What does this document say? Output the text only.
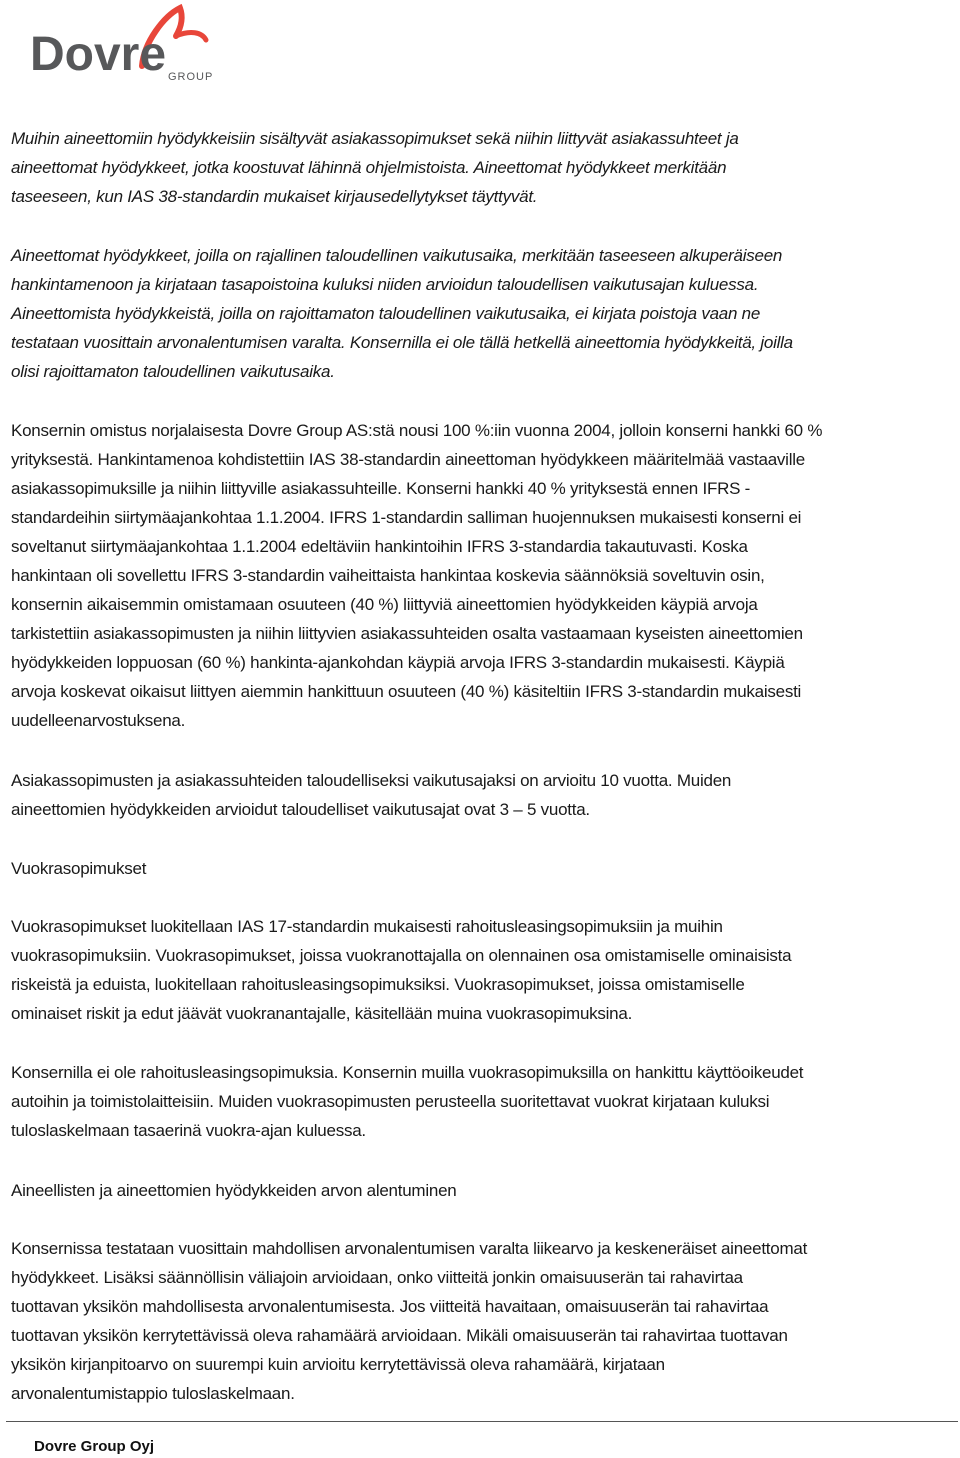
Dovre GROUP

Muihin aineettomiin hyödykkeisiin sisältyvät asiakassopimukset sekä niihin liittyvät asiakassuhteet ja
aineettomat hyödykkeet, jotka koostuvat lähinnä ohjelmistoista. Aineettomat hyödykkeet merkitään
taseeseen, kun IAS 38-standardin mukaiset kirjausedellytykset täyttyvät.

Aineettomat hyödykkeet, joilla on rajallinen taloudellinen vaikutusaika, merkitään taseeseen alkuperäiseen
hankintamenoon ja kirjataan tasapoistoina kuluksi niiden arvioidun taloudellisen vaikutusajan kuluessa.
Aineettomista hyödykkeistä, joilla on rajoittamaton taloudellinen vaikutusaika, ei kirjata poistoja vaan ne
testataan vuosittain arvonalentumisen varalta. Konsernilla ei ole tällä hetkellä aineettomia hyödykkeitä, joilla
olisi rajoittamaton taloudellinen vaikutusaika.

Konsernin omistus norjalaisesta Dovre Group AS:stä nousi 100 %:iin vuonna 2004, jolloin konserni hankki 60 %
yrityksestä. Hankintamenoa kohdistettiin IAS 38-standardin aineettoman hyödykkeen määritelmää vastaaville
asiakassopimuksille ja niihin liittyville asiakassuhteille. Konserni hankki 40 % yrityksestä ennen IFRS -
standardeihin siirtymäajankohtaa 1.1.2004. IFRS 1-standardin salliman huojennuksen mukaisesti konserni ei
soveltanut siirtymäajankohtaa 1.1.2004 edeltäviin hankintoihin IFRS 3-standardia takautuvasti. Koska
hankintaan oli sovellettu IFRS 3-standardin vaiheittaista hankintaa koskevia säännöksiä soveltuvin osin,
konsernin aikaisemmin omistamaan osuuteen (40 %) liittyviä aineettomien hyödykkeiden käypiä arvoja
tarkistettiin asiakassopimusten ja niihin liittyvien asiakassuhteiden osalta vastaamaan kyseisten aineettomien
hyödykkeiden loppuosan (60 %) hankinta-ajankohdan käypiä arvoja IFRS 3-standardin mukaisesti. Käypiä
arvoja koskevat oikaisut liittyen aiemmin hankittuun osuuteen (40 %) käsiteltiin IFRS 3-standardin mukaisesti
uudelleenarvostuksena.

Asiakassopimusten ja asiakassuhteiden taloudelliseksi vaikutusajaksi on arvioitu 10 vuotta. Muiden
aineettomien hyödykkeiden arvioidut taloudelliset vaikutusajat ovat 3 – 5 vuotta.

Vuokrasopimukset

Vuokrasopimukset luokitellaan IAS 17-standardin mukaisesti rahoitusleasingsopimuksiin ja muihin
vuokrasopimuksiin. Vuokrasopimukset, joissa vuokranottajalla on olennainen osa omistamiselle ominaisista
riskeistä ja eduista, luokitellaan rahoitusleasingsopimuksiksi. Vuokrasopimukset, joissa omistamiselle
ominaiset riskit ja edut jäävät vuokranantajalle, käsitellään muina vuokrasopimuksina.

Konsernilla ei ole rahoitusleasingsopimuksia. Konsernin muilla vuokrasopimuksilla on hankittu käyttöoikeudet
autoihin ja toimistolaitteisiin. Muiden vuokrasopimusten perusteella suoritettavat vuokrat kirjataan kuluksi
tuloslaskelmaan tasaerinä vuokra-ajan kuluessa.

Aineellisten ja aineettomien hyödykkeiden arvon alentuminen

Konsernissa testataan vuosittain mahdollisen arvonalentumisen varalta liikearvo ja keskeneräiset aineettomat
hyödykkeet. Lisäksi säännöllisin väliajoin arvioidaan, onko viitteitä jonkin omaisuuserän tai rahavirtaa
tuottavan yksikön mahdollisesta arvonalentumisesta. Jos viitteitä havaitaan, omaisuuserän tai rahavirtaa
tuottavan yksikön kerrytettävissä oleva rahamäärä arvioidaan. Mikäli omaisuuserän tai rahavirtaa tuottavan
yksikön kirjanpitoarvo on suurempi kuin arvioitu kerrytettävissä oleva rahamäärä, kirjataan
arvonalentumistappio tuloslaskelmaan.

Dovre Group Oyj
